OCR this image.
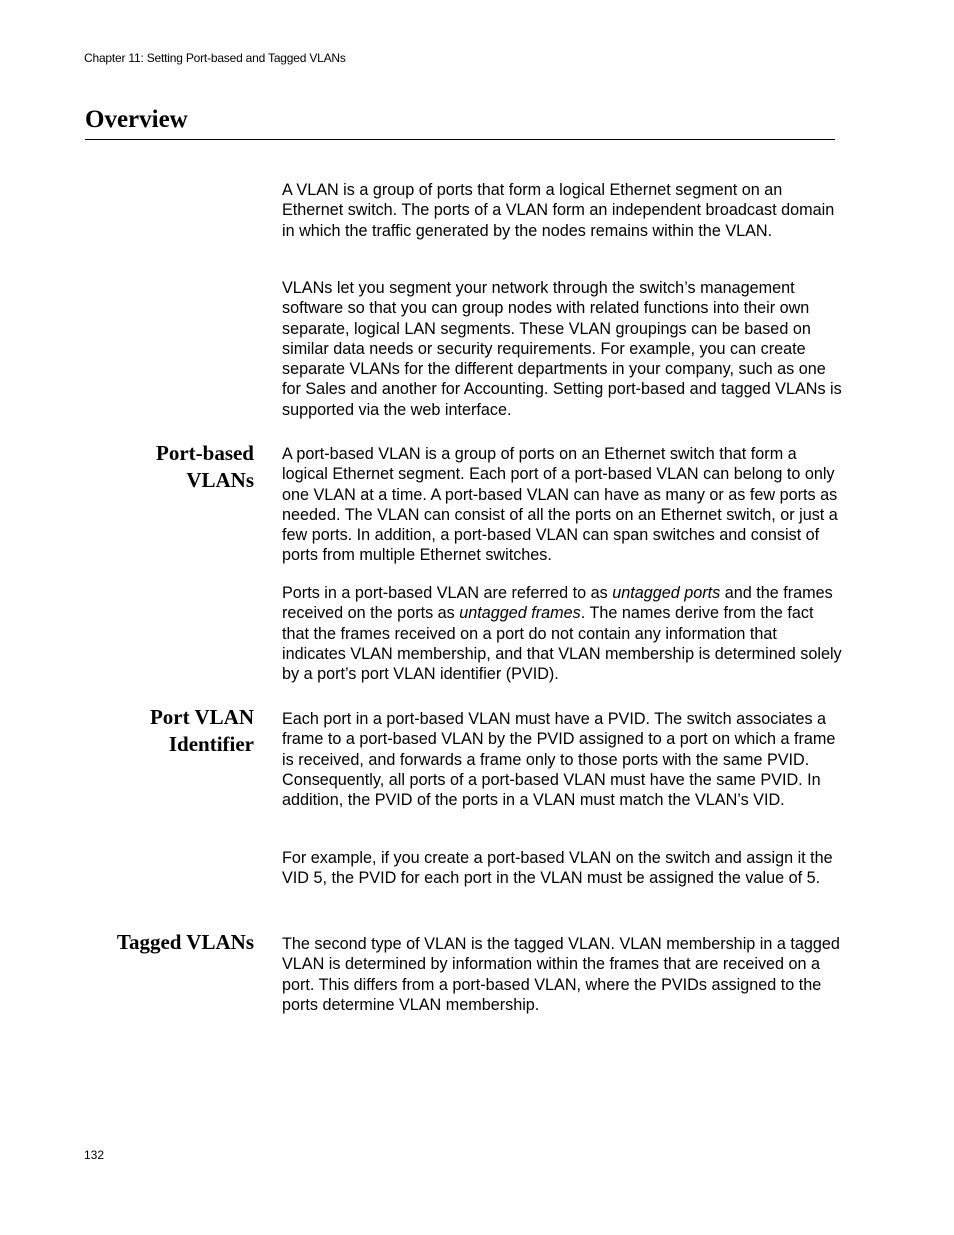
Chapter 11: Setting Port-based and Tagged VLANs
Overview

A VLAN is a group of ports that form a logical Ethernet segment on an Ethernet switch. The ports of a VLAN form an independent broadcast domain in which the traffic generated by the nodes remains within the VLAN.

VLANs let you segment your network through the switch’s management software so that you can group nodes with related functions into their own separate, logical LAN segments. These VLAN groupings can be based on similar data needs or security requirements. For example, you can create separate VLANs for the different departments in your company, such as one for Sales and another for Accounting. Setting port-based and tagged VLANs is supported via the web interface.

Port-based
VLANs

A port-based VLAN is a group of ports on an Ethernet switch that form a logical Ethernet segment. Each port of a port-based VLAN can belong to only one VLAN at a time. A port-based VLAN can have as many or as few ports as needed. The VLAN can consist of all the ports on an Ethernet switch, or just a few ports. In addition, a port-based VLAN can span switches and consist of ports from multiple Ethernet switches.

Ports in a port-based VLAN are referred to as untagged ports and the frames received on the ports as untagged frames. The names derive from the fact that the frames received on a port do not contain any information that indicates VLAN membership, and that VLAN membership is determined solely by a port’s port VLAN identifier (PVID).

Port VLAN
Identifier

Each port in a port-based VLAN must have a PVID. The switch associates a frame to a port-based VLAN by the PVID assigned to a port on which a frame is received, and forwards a frame only to those ports with the same PVID. Consequently, all ports of a port-based VLAN must have the same PVID. In addition, the PVID of the ports in a VLAN must match the VLAN’s VID.

For example, if you create a port-based VLAN on the switch and assign it the VID 5, the PVID for each port in the VLAN must be assigned the value of 5.

Tagged VLANs The second type of VLAN is the tagged VLAN. VLAN membership in a tagged VLAN is determined by information within the frames that are received on a port. This differs from a port-based VLAN, where the PVIDs assigned to the ports determine VLAN membership.

132
